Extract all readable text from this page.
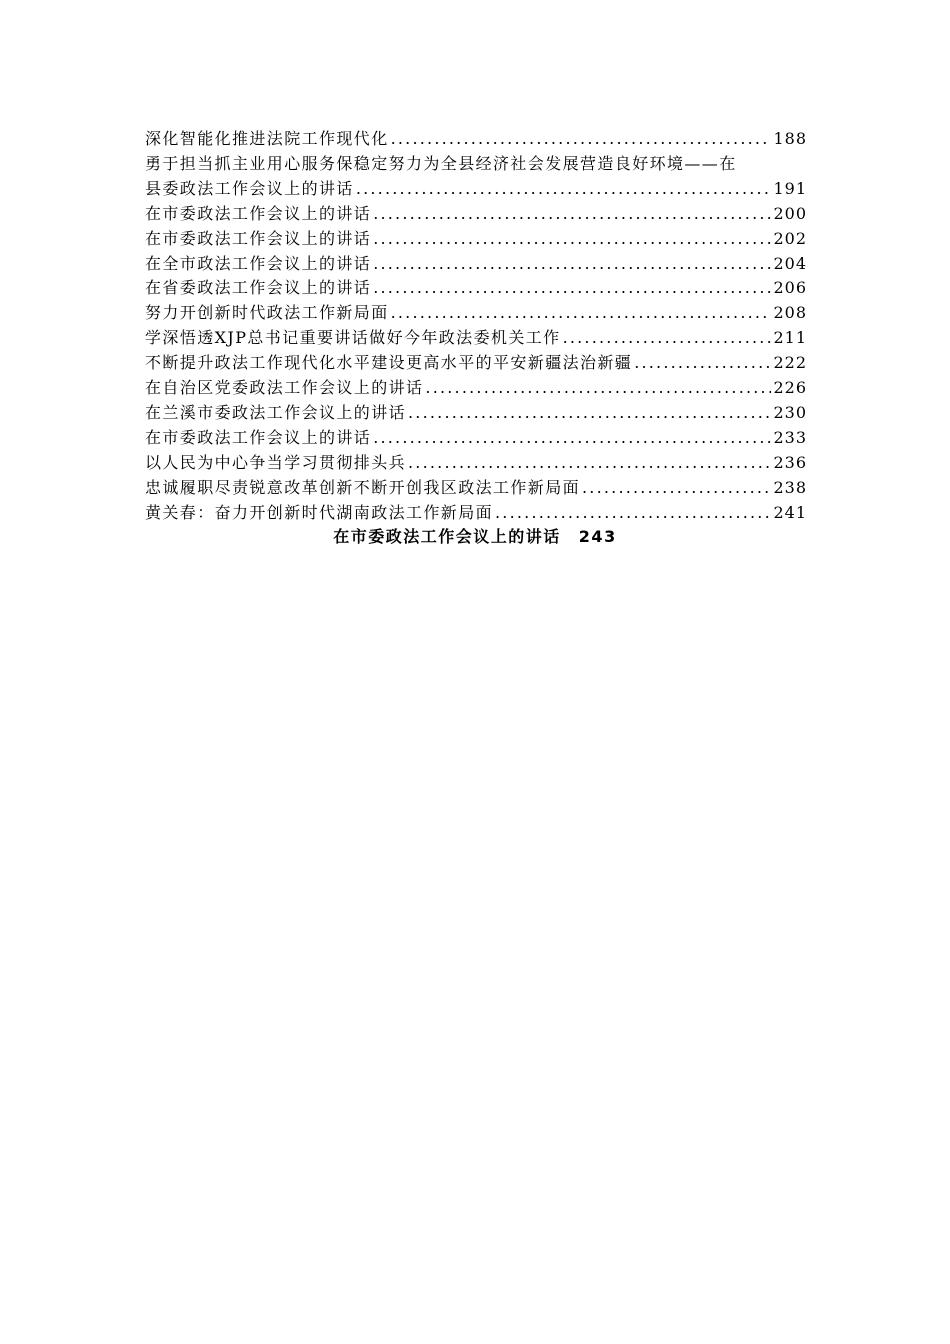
深化智能化推进法院工作现代化 .....	188
勇于担当抓主业用心服务保稳定努力为全县经济社会发展营造良好环境——在
县委政法工作会议上的讲话 .....	191
在市委政法工作会议上的讲话 .....	200
在市委政法工作会议上的讲话 .....	202
在全市政法工作会议上的讲话 .....	204
在省委政法工作会议上的讲话 .....	206
努力开创新时代政法工作新局面 .....	208
学深悟透XJP总书记重要讲话做好今年政法委机关工作 .....	211
不断提升政法工作现代化水平建设更高水平的平安新疆法治新疆 .....	222
在自治区党委政法工作会议上的讲话 .....	226
在兰溪市委政法工作会议上的讲话 .....	230
在市委政法工作会议上的讲话 .....	233
以人民为中心争当学习贯彻排头兵 .....	236
忠诚履职尽责锐意改革创新不断开创我区政法工作新局面 .....	238
黄关春：奋力开创新时代湖南政法工作新局面 .....	241
在市委政法工作会议上的讲话 243
